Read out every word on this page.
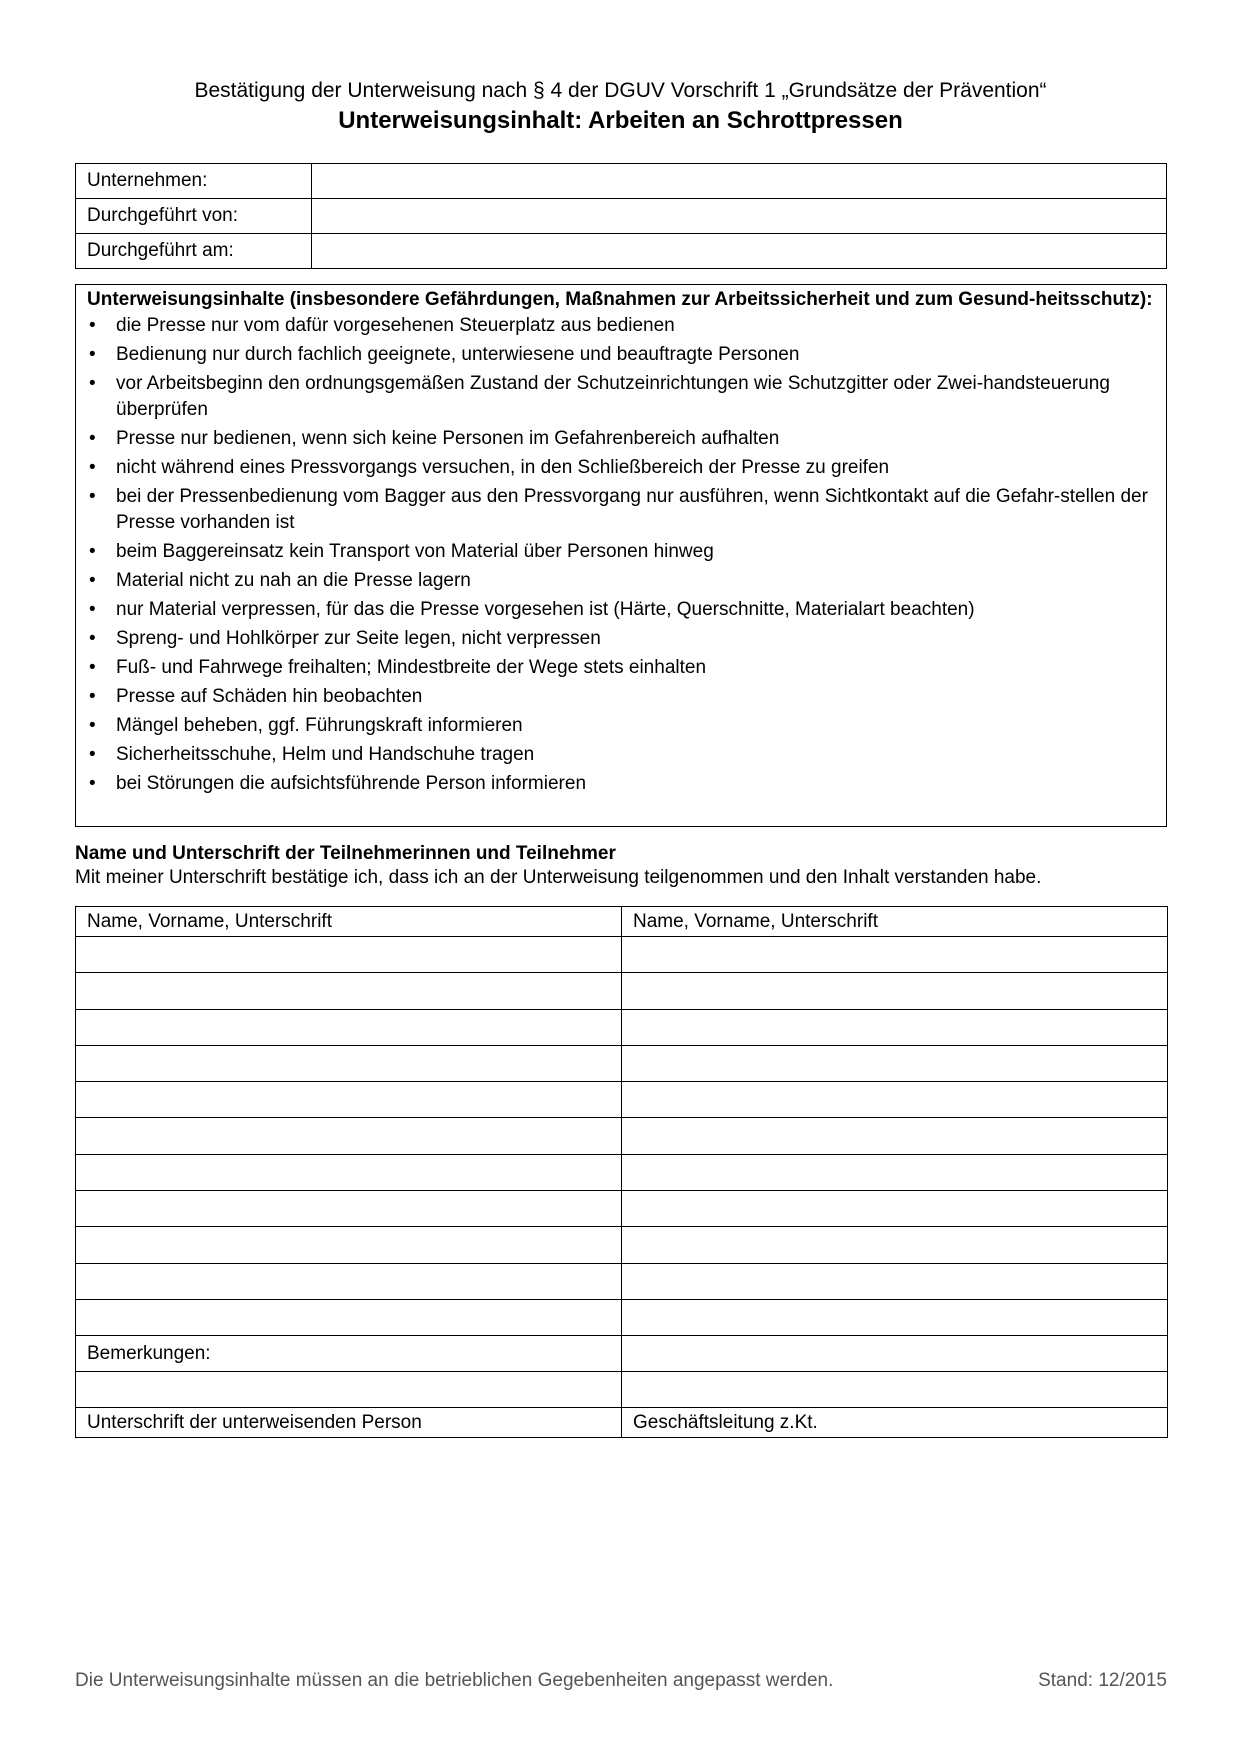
Bestätigung der Unterweisung nach § 4 der DGUV Vorschrift 1 „Grundsätze der Prävention“
Unterweisungsinhalt: Arbeiten an Schrottpressen
Unternehmen:	
Durchgeführt von:	
Durchgeführt am:	
Unterweisungsinhalte (insbesondere Gefährdungen, Maßnahmen zur Arbeitssicherheit und zum Gesund-heitsschutz):
• die Presse nur vom dafür vorgesehenen Steuerplatz aus bedienen
• Bedienung nur durch fachlich geeignete, unterwiesene und beauftragte Personen
• vor Arbeitsbeginn den ordnungsgemäßen Zustand der Schutzeinrichtungen wie Schutzgitter oder Zwei-handsteuerung überprüfen
• Presse nur bedienen, wenn sich keine Personen im Gefahrenbereich aufhalten
• nicht während eines Pressvorgangs versuchen, in den Schließbereich der Presse zu greifen
• bei der Pressenbedienung vom Bagger aus den Pressvorgang nur ausführen, wenn Sichtkontakt auf die Gefahr-stellen der Presse vorhanden ist
• beim Baggereinsatz kein Transport von Material über Personen hinweg
• Material nicht zu nah an die Presse lagern
• nur Material verpressen, für das die Presse vorgesehen ist (Härte, Querschnitte, Materialart beachten)
• Spreng- und Hohlkörper zur Seite legen, nicht verpressen
• Fuß- und Fahrwege freihalten; Mindestbreite der Wege stets einhalten
• Presse auf Schäden hin beobachten
• Mängel beheben, ggf. Führungskraft informieren
• Sicherheitsschuhe, Helm und Handschuhe tragen
• bei Störungen die aufsichtsführende Person informieren
Name und Unterschrift der Teilnehmerinnen und Teilnehmer
Mit meiner Unterschrift bestätige ich, dass ich an der Unterweisung teilgenommen und den Inhalt verstanden habe.
Name, Vorname, Unterschrift	Name, Vorname, Unterschrift

Bemerkungen:	

Unterschrift der unterweisenden Person	Geschäftsleitung z.Kt.
Die Unterweisungsinhalte müssen an die betrieblichen Gegebenheiten angepasst werden.	Stand: 12/2015
